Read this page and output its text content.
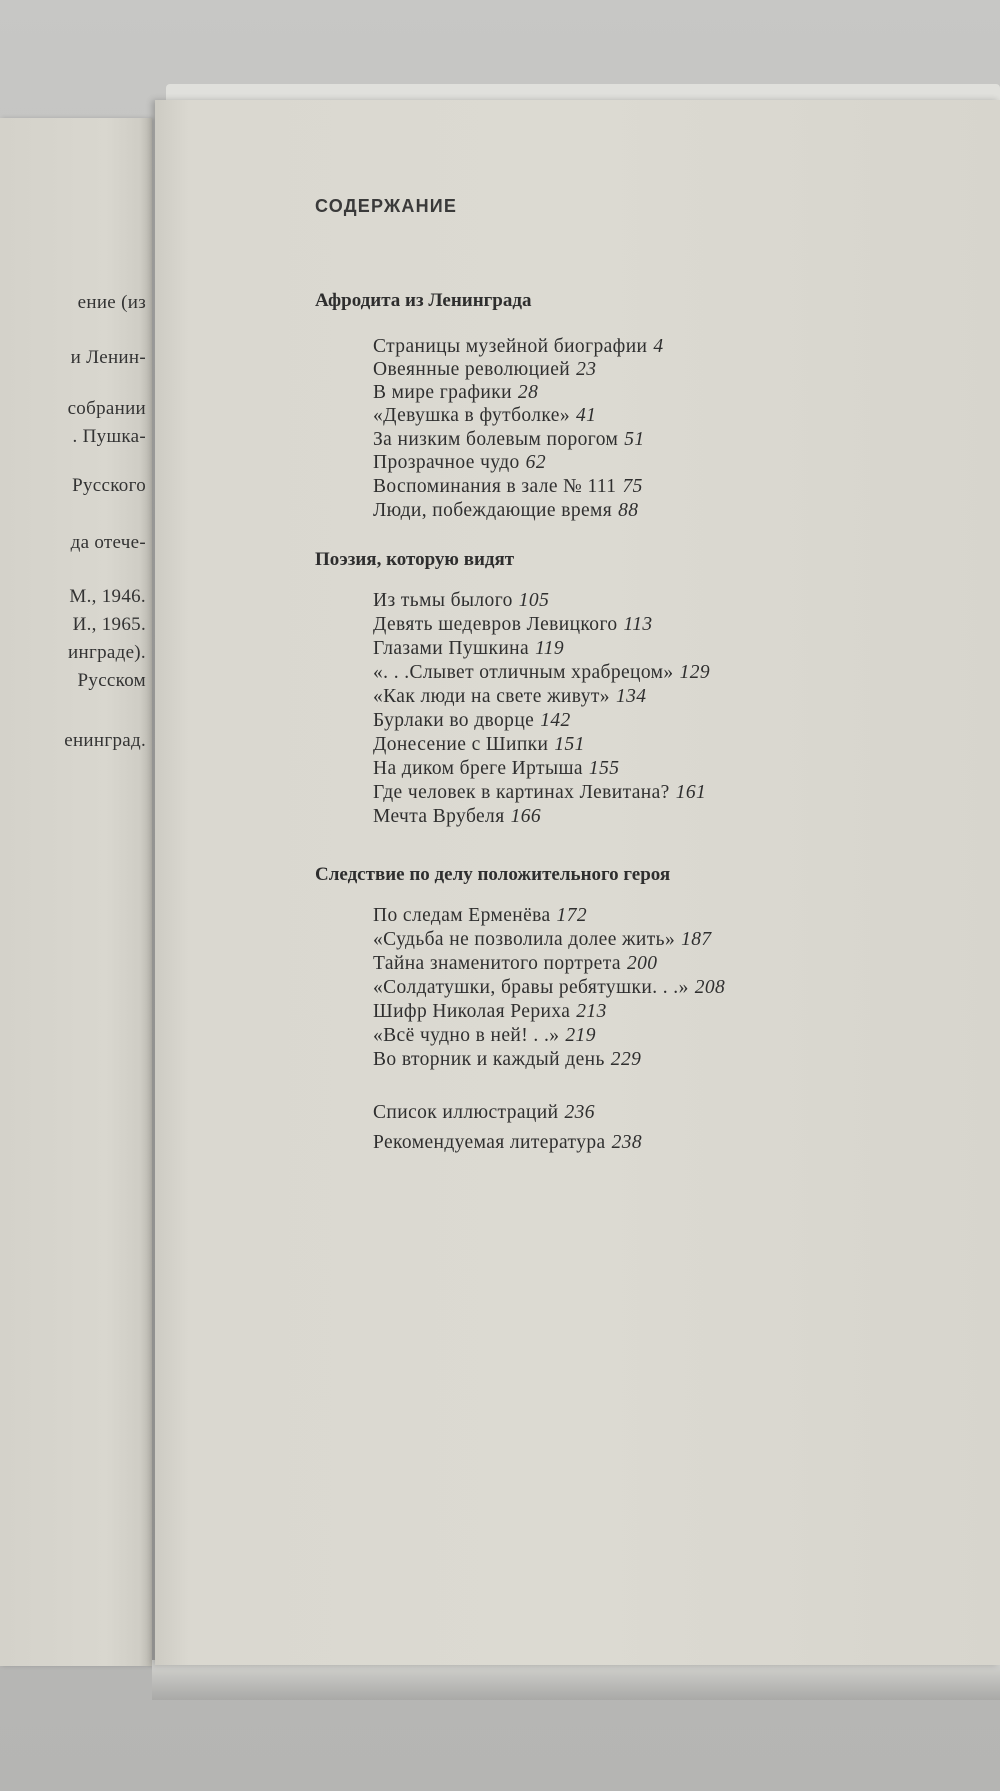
ение (из
и Ленин-
собрании
. Пушка-
Русского
да отече-
М., 1946.
И., 1965.
инграде).
Русском
енинград.
СОДЕРЖАНИЕ
Афродита из Ленинграда
Страницы музейной биографии 4
Овеянные революцией 23
В мире графики 28
«Девушка в футболке» 41
За низким болевым порогом 51
Прозрачное чудо 62
Воспоминания в зале № 111 75
Люди, побеждающие время 88
Поэзия, которую видят
Из тьмы былого 105
Девять шедевров Левицкого 113
Глазами Пушкина 119
«. . .Слывет отличным храбрецом» 129
«Как люди на свете живут» 134
Бурлаки во дворце 142
Донесение с Шипки 151
На диком бреге Иртыша 155
Где человек в картинах Левитана? 161
Мечта Врубеля 166
Следствие по делу положительного героя
По следам Ерменёва 172
«Судьба не позволила долее жить» 187
Тайна знаменитого портрета 200
«Солдатушки, бравы ребятушки. . .» 208
Шифр Николая Рериха 213
«Всё чудно в ней! . .» 219
Во вторник и каждый день 229
Список иллюстраций 236
Рекомендуемая литература 238
